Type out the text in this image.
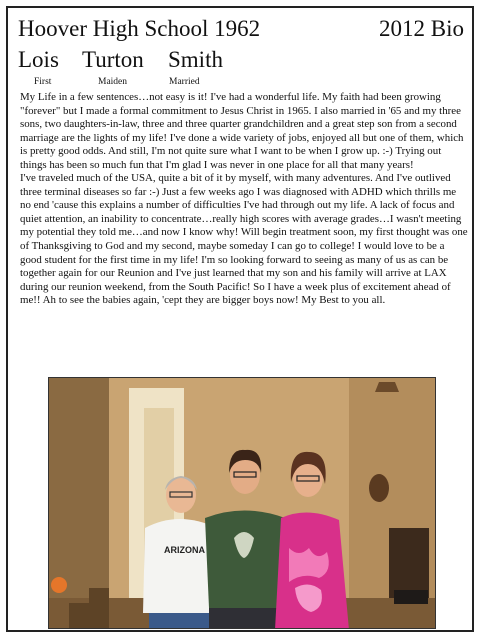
Hoover High School 1962	2012 Bio
Lois Turton Smith
First	Maiden	Married

My Life in a few sentences…not easy is it! I've had a wonderful life. My faith had been growing "forever" but I made a formal commitment to Jesus Christ in 1965. I also married in '65 and my three sons, two daughters-in-law, three and three quarter grandchildren and a great step son from a second marriage are the lights of my life! I've done a wide variety of jobs, enjoyed all but one of them, which is pretty good odds. And still, I'm not quite sure what I want to be when I grow up. :-) Trying out things has been so much fun that I'm glad I was never in one place for all that many years!

I've traveled much of the USA, quite a bit of it by myself, with many adventures. And I've outlived three terminal diseases so far :-) Just a few weeks ago I was diagnosed with ADHD which thrills me no end 'cause this explains a number of difficulties I've had through out my life. A lack of focus and quiet attention, an inability to concentrate…really high scores with average grades…I wasn't meeting my potential they told me…and now I know why! Will begin treatment soon, my first thought was one of Thanksgiving to God and my second, maybe someday I can go to college! I would love to be a good student for the first time in my life! I'm so looking forward to seeing as many of us as can be together again for our Reunion and I've just learned that my son and his family will arrive at LAX during our reunion weekend, from the South Pacific! So I have a week plus of excitement ahead of me!! Ah to see the babies again, 'cept they are bigger boys now! My Best to you all.

ARIZONA
